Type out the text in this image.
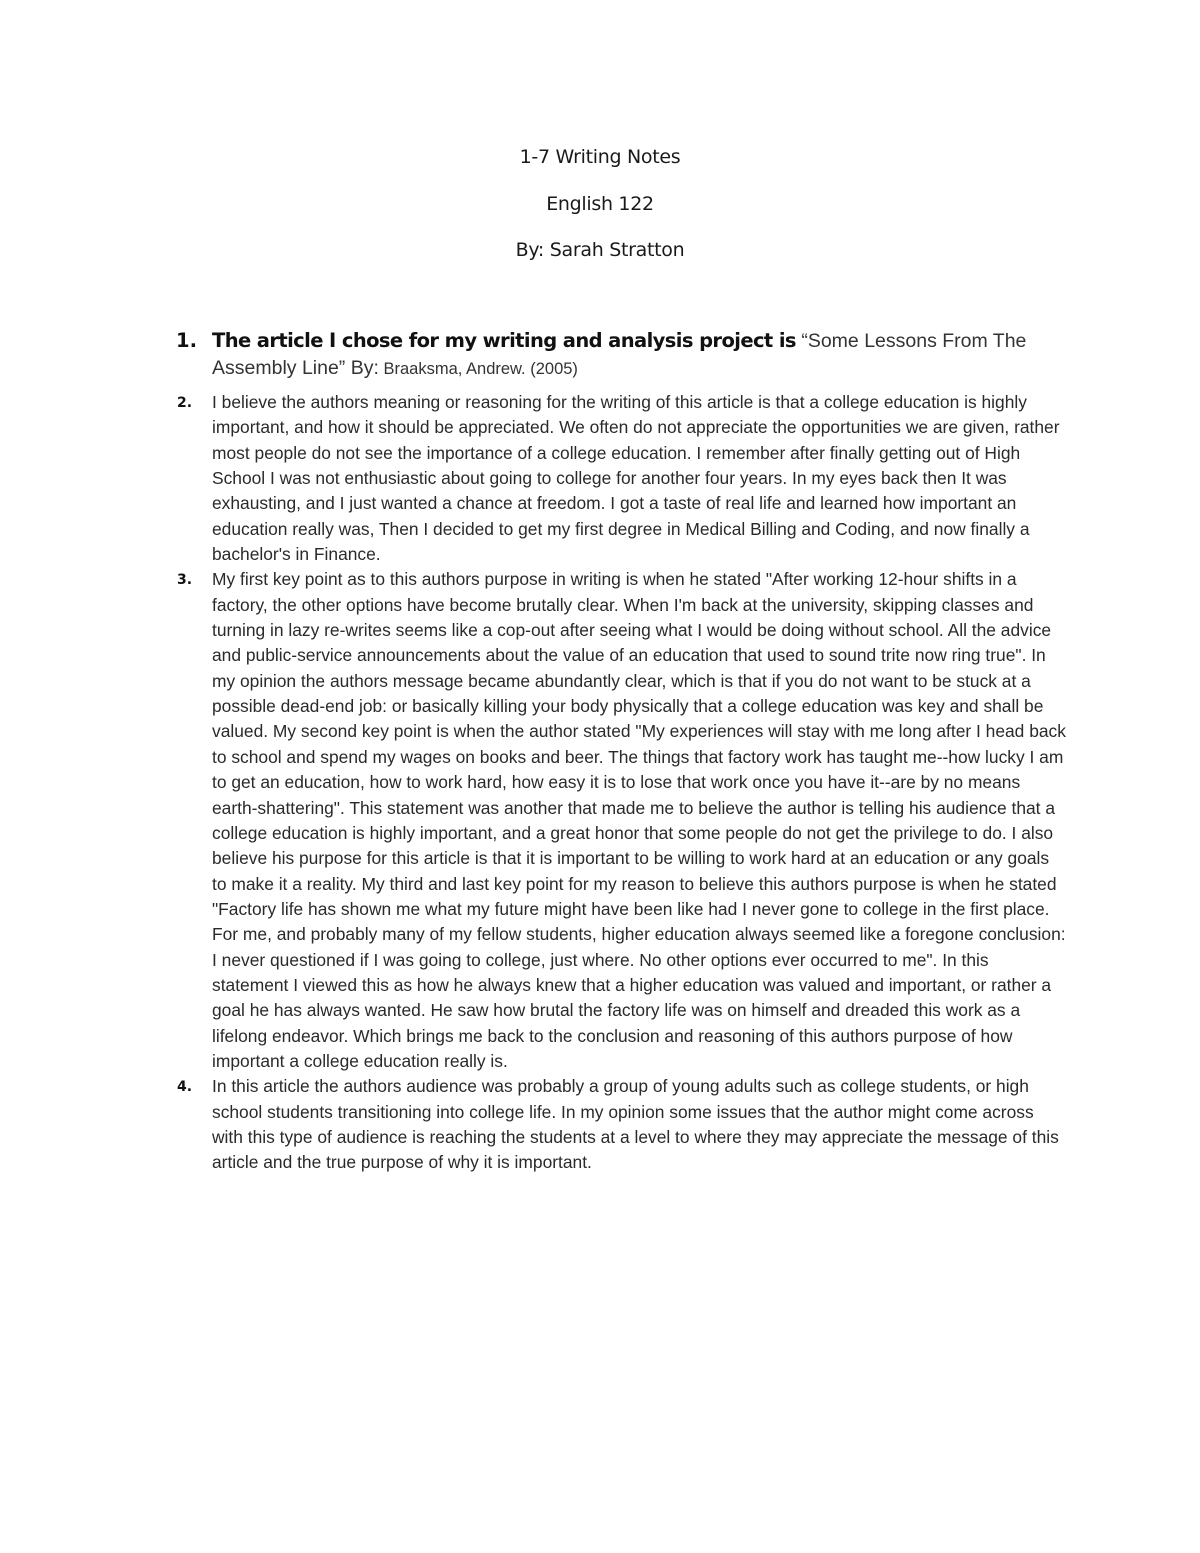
1-7 Writing Notes
English 122
By: Sarah Stratton
1. The article I chose for my writing and analysis project is “Some Lessons From The Assembly Line” By: Braaksma, Andrew. (2005)
2. I believe the authors meaning or reasoning for the writing of this article is that a college education is highly important, and how it should be appreciated. We often do not appreciate the opportunities we are given, rather most people do not see the importance of a college education. I remember after finally getting out of High School I was not enthusiastic about going to college for another four years. In my eyes back then It was exhausting, and I just wanted a chance at freedom. I got a taste of real life and learned how important an education really was, Then I decided to get my first degree in Medical Billing and Coding, and now finally a bachelor's in Finance.
3. My first key point as to this authors purpose in writing is when he stated "After working 12-hour shifts in a factory, the other options have become brutally clear. When I'm back at the university, skipping classes and turning in lazy re-writes seems like a cop-out after seeing what I would be doing without school. All the advice and public-service announcements about the value of an education that used to sound trite now ring true". In my opinion the authors message became abundantly clear, which is that if you do not want to be stuck at a possible dead-end job: or basically killing your body physically that a college education was key and shall be valued. My second key point is when the author stated "My experiences will stay with me long after I head back to school and spend my wages on books and beer. The things that factory work has taught me--how lucky I am to get an education, how to work hard, how easy it is to lose that work once you have it--are by no means earth-shattering". This statement was another that made me to believe the author is telling his audience that a college education is highly important, and a great honor that some people do not get the privilege to do. I also believe his purpose for this article is that it is important to be willing to work hard at an education or any goals to make it a reality. My third and last key point for my reason to believe this authors purpose is when he stated "Factory life has shown me what my future might have been like had I never gone to college in the first place. For me, and probably many of my fellow students, higher education always seemed like a foregone conclusion: I never questioned if I was going to college, just where. No other options ever occurred to me". In this statement I viewed this as how he always knew that a higher education was valued and important, or rather a goal he has always wanted. He saw how brutal the factory life was on himself and dreaded this work as a lifelong endeavor. Which brings me back to the conclusion and reasoning of this authors purpose of how important a college education really is.
4. In this article the authors audience was probably a group of young adults such as college students, or high school students transitioning into college life. In my opinion some issues that the author might come across with this type of audience is reaching the students at a level to where they may appreciate the message of this article and the true purpose of why it is important.
